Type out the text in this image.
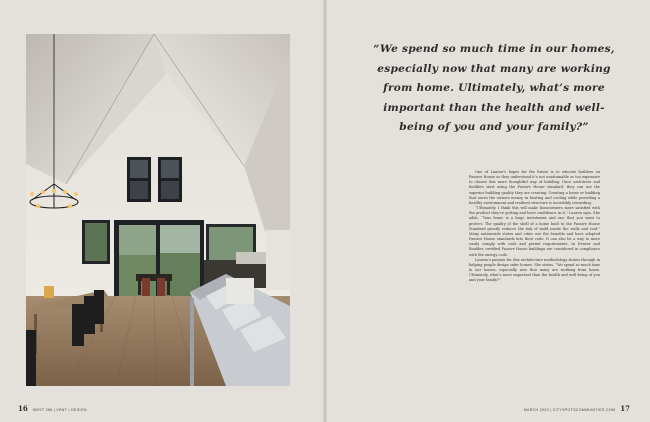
“We spend so much time in our homes, especially now that many are working from home. Ultimately, what’s more important than the health and well-being of you and your family?”

One of Lauren’s hopes for the future is to educate builders on Passive House so they understand it’s not unattainable or too expensive to choose this more thoughtful way of building. Once architects and builders start using the Passive House standard, they can see the superior building quality they are creating. Creating a home or building that saves the owners money in heating and cooling while providing a healthy environment and resilient structure is incredibly rewarding.

“Ultimately, I think this will make homeowners more satisfied with the product they’re getting and have confidence in it,” Lauren says. She adds, “Your home is a huge investment and one that you want to protect. The quality of the shell of a home built to the Passive House Standard greatly reduces the risk of mold inside the walls and roof.” Many nationwide states and cities use the benefits and have adopted Passive House standards into their code. It can also be a way to more easily comply with code and permit requirements. In Denver and Boulder, certified Passive House buildings are considered in compliance with the energy code.

Lauren’s passion for this architecture methodology shines through in helping people design safer homes. She states, “We spend so much time in our homes, especially now that many are working from home. Ultimately, what’s more important than the health and well-being of you and your family?”

16 WEST 285 | VENT • DESIGN	MARCH 2020 | CITYSPOTSCOMMUNITIES.COM 17
